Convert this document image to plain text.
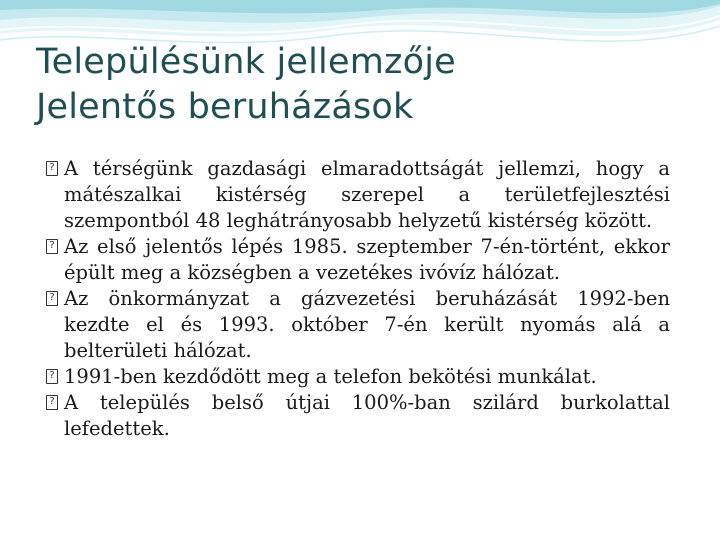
Településünk jellemzője
Jelentős beruházások
?
A térségünk gazdasági elmaradottságát jellemzi, hogy a mátészalkai kistérség szerepel a területfejlesztési szempontból 48 leghátrányosabb helyzetű kistérség között.
?
Az első jelentős lépés 1985. szeptember 7-én-történt, ekkor épült meg a községben a vezetékes ivóvíz hálózat.
?
Az önkormányzat a gázvezetési beruházását 1992-ben kezdte el és 1993. október 7-én került nyomás alá a belterületi hálózat.
?
1991-ben kezdődött meg a telefon bekötési munkálat.
?
A település belső útjai 100%-ban szilárd burkolattal lefedettek.
